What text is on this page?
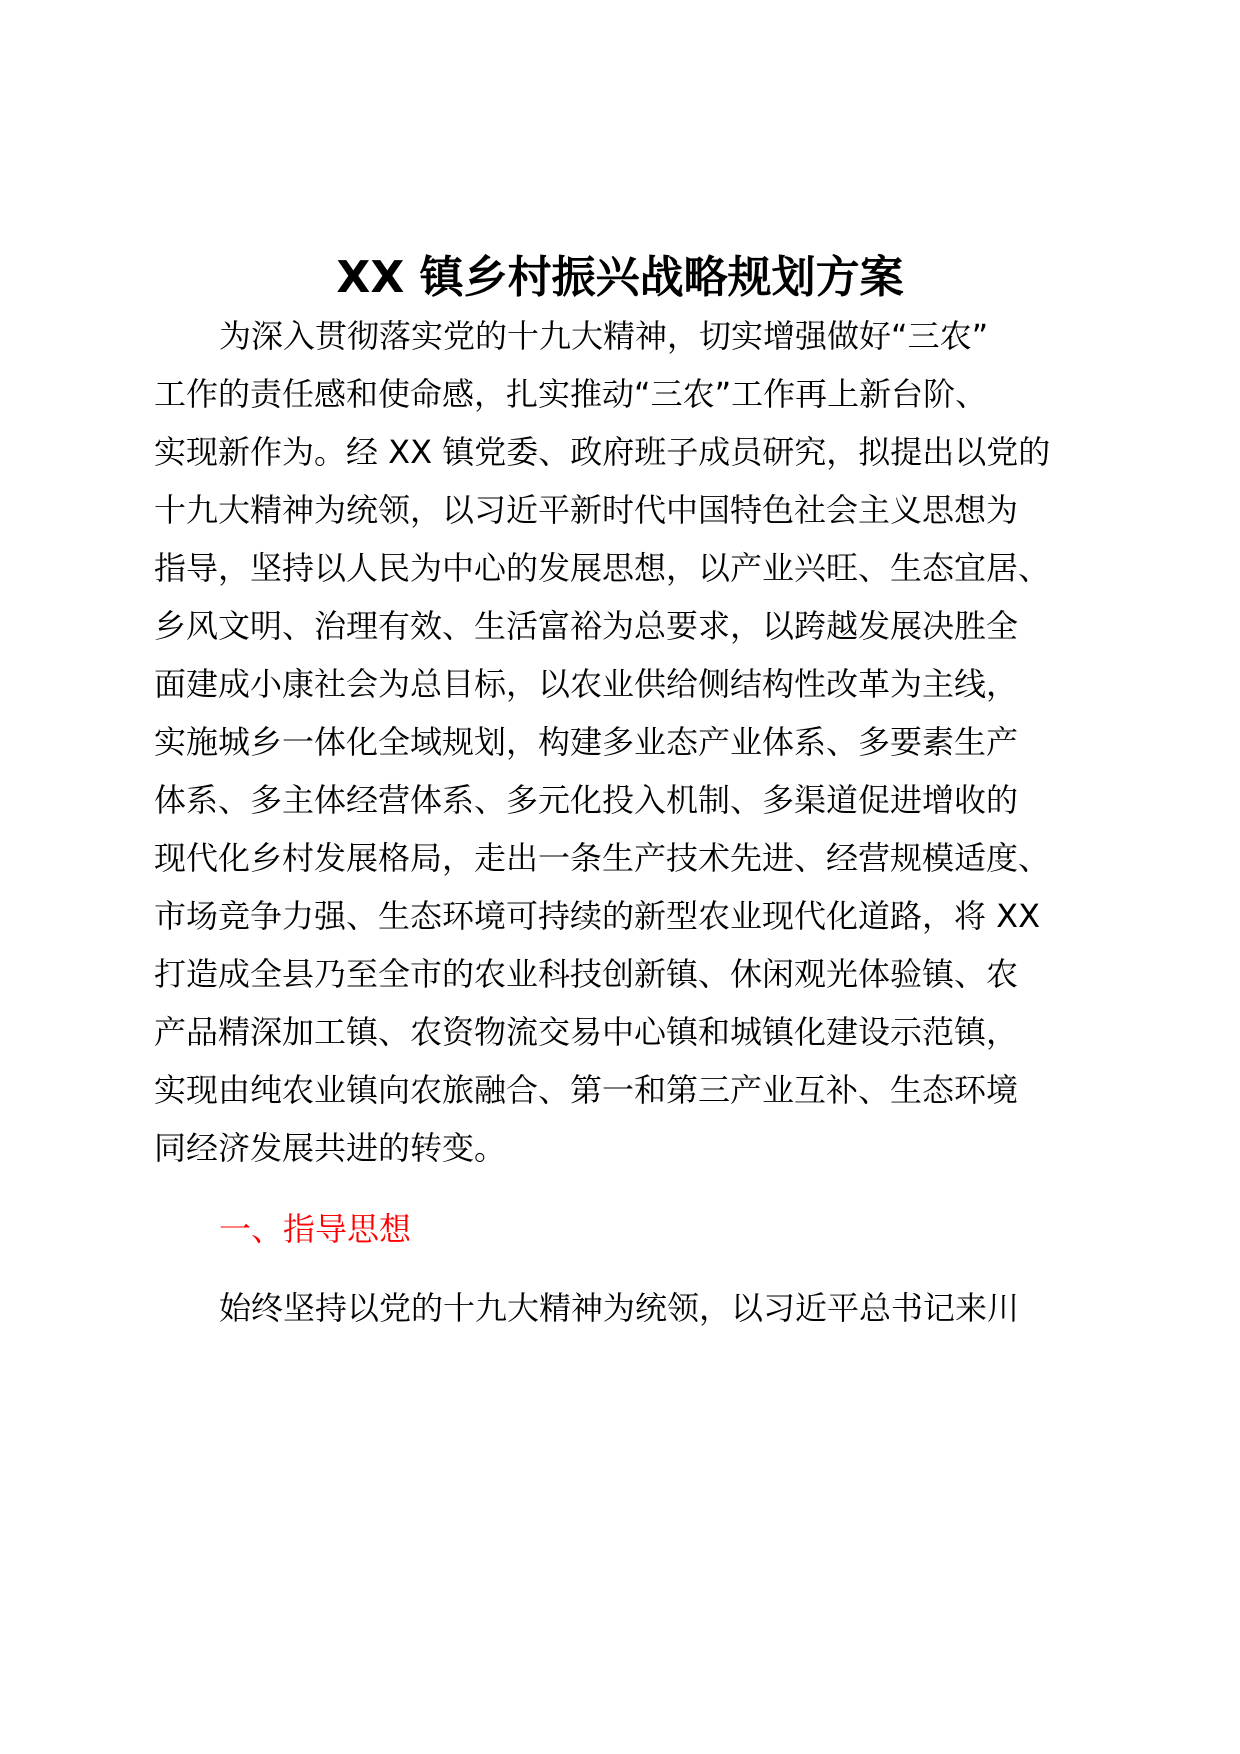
XX 镇乡村振兴战略规划方案
为深入贯彻落实党的十九大精神，切实增强做好“三农”
工作的责任感和使命感，扎实推动“三农”工作再上新台阶、
实现新作为。经 XX 镇党委、政府班子成员研究，拟提出以党的
十九大精神为统领，以习近平新时代中国特色社会主义思想为
指导，坚持以人民为中心的发展思想，以产业兴旺、生态宜居、
乡风文明、治理有效、生活富裕为总要求，以跨越发展决胜全
面建成小康社会为总目标，以农业供给侧结构性改革为主线，
实施城乡一体化全域规划，构建多业态产业体系、多要素生产
体系、多主体经营体系、多元化投入机制、多渠道促进增收的
现代化乡村发展格局，走出一条生产技术先进、经营规模适度、
市场竞争力强、生态环境可持续的新型农业现代化道路，将 XX
打造成全县乃至全市的农业科技创新镇、休闲观光体验镇、农
产品精深加工镇、农资物流交易中心镇和城镇化建设示范镇，
实现由纯农业镇向农旅融合、第一和第三产业互补、生态环境
同经济发展共进的转变。
一、指导思想
始终坚持以党的十九大精神为统领，以习近平总书记来川
